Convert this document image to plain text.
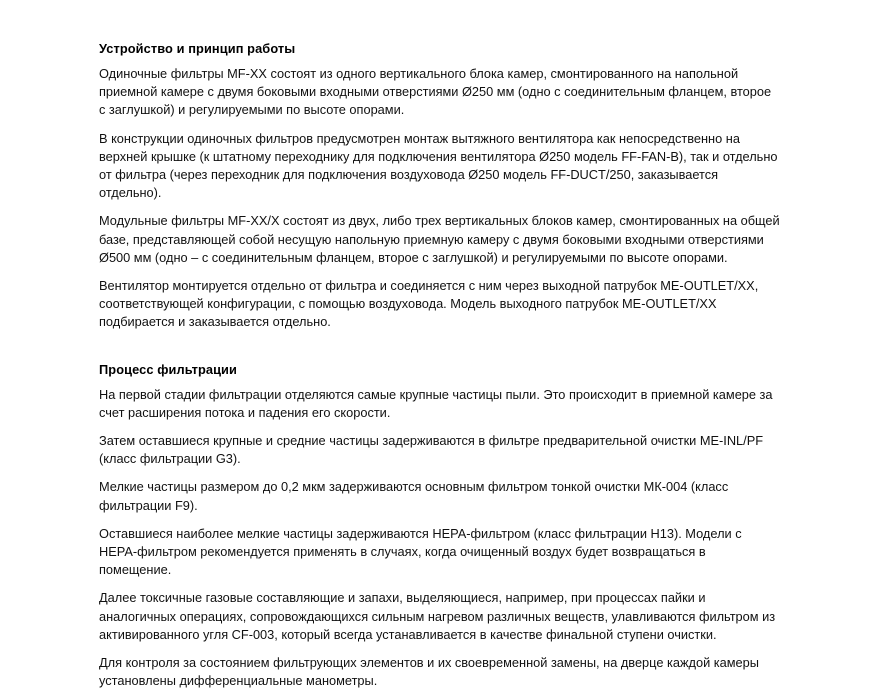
Устройство и принцип работы

Одиночные фильтры MF-XX состоят из одного вертикального блока камер, смонтированного на напольной приемной камере с двумя боковыми входными отверстиями Ø250 мм (одно с соединительным фланцем, второе с заглушкой) и регулируемыми по высоте опорами.

В конструкции одиночных фильтров предусмотрен монтаж вытяжного вентилятора как непосредственно на верхней крышке (к штатному переходнику для подключения вентилятора Ø250 модель FF-FAN-B), так и отдельно от фильтра (через переходник для подключения воздуховода Ø250 модель FF-DUCT/250, заказывается отдельно).

Модульные фильтры MF-XX/X состоят из двух, либо трех вертикальных блоков камер, смонтированных на общей базе, представляющей собой несущую напольную приемную камеру с двумя боковыми входными отверстиями Ø500 мм (одно – с соединительным фланцем, второе с заглушкой) и регулируемыми по высоте опорами.

Вентилятор монтируется отдельно от фильтра и соединяется с ним через выходной патрубок ME-OUTLET/XX, соответствующей конфигурации, с помощью воздуховода. Модель выходного патрубок ME-OUTLET/XX подбирается и заказывается отдельно.

Процесс фильтрации

На первой стадии фильтрации отделяются самые крупные частицы пыли. Это происходит в приемной камере за счет расширения потока и падения его скорости.

Затем оставшиеся крупные и средние частицы задерживаются в фильтре предварительной очистки ME-INL/PF (класс фильтрации G3).

Мелкие частицы размером до 0,2 мкм задерживаются основным фильтром тонкой очистки МК-004 (класс фильтрации F9).

Оставшиеся наиболее мелкие частицы задерживаются HEPA-фильтром (класс фильтрации H13). Модели с HEPA-фильтром рекомендуется применять в случаях, когда очищенный воздух будет возвращаться в помещение.

Далее токсичные газовые составляющие и запахи, выделяющиеся, например, при процессах пайки и аналогичных операциях, сопровождающихся сильным нагревом различных веществ, улавливаются фильтром из активированного угля CF-003, который всегда устанавливается в качестве финальной ступени очистки.

Для контроля за состоянием фильтрующих элементов и их своевременной замены, на дверце каждой камеры установлены дифференциальные манометры.
